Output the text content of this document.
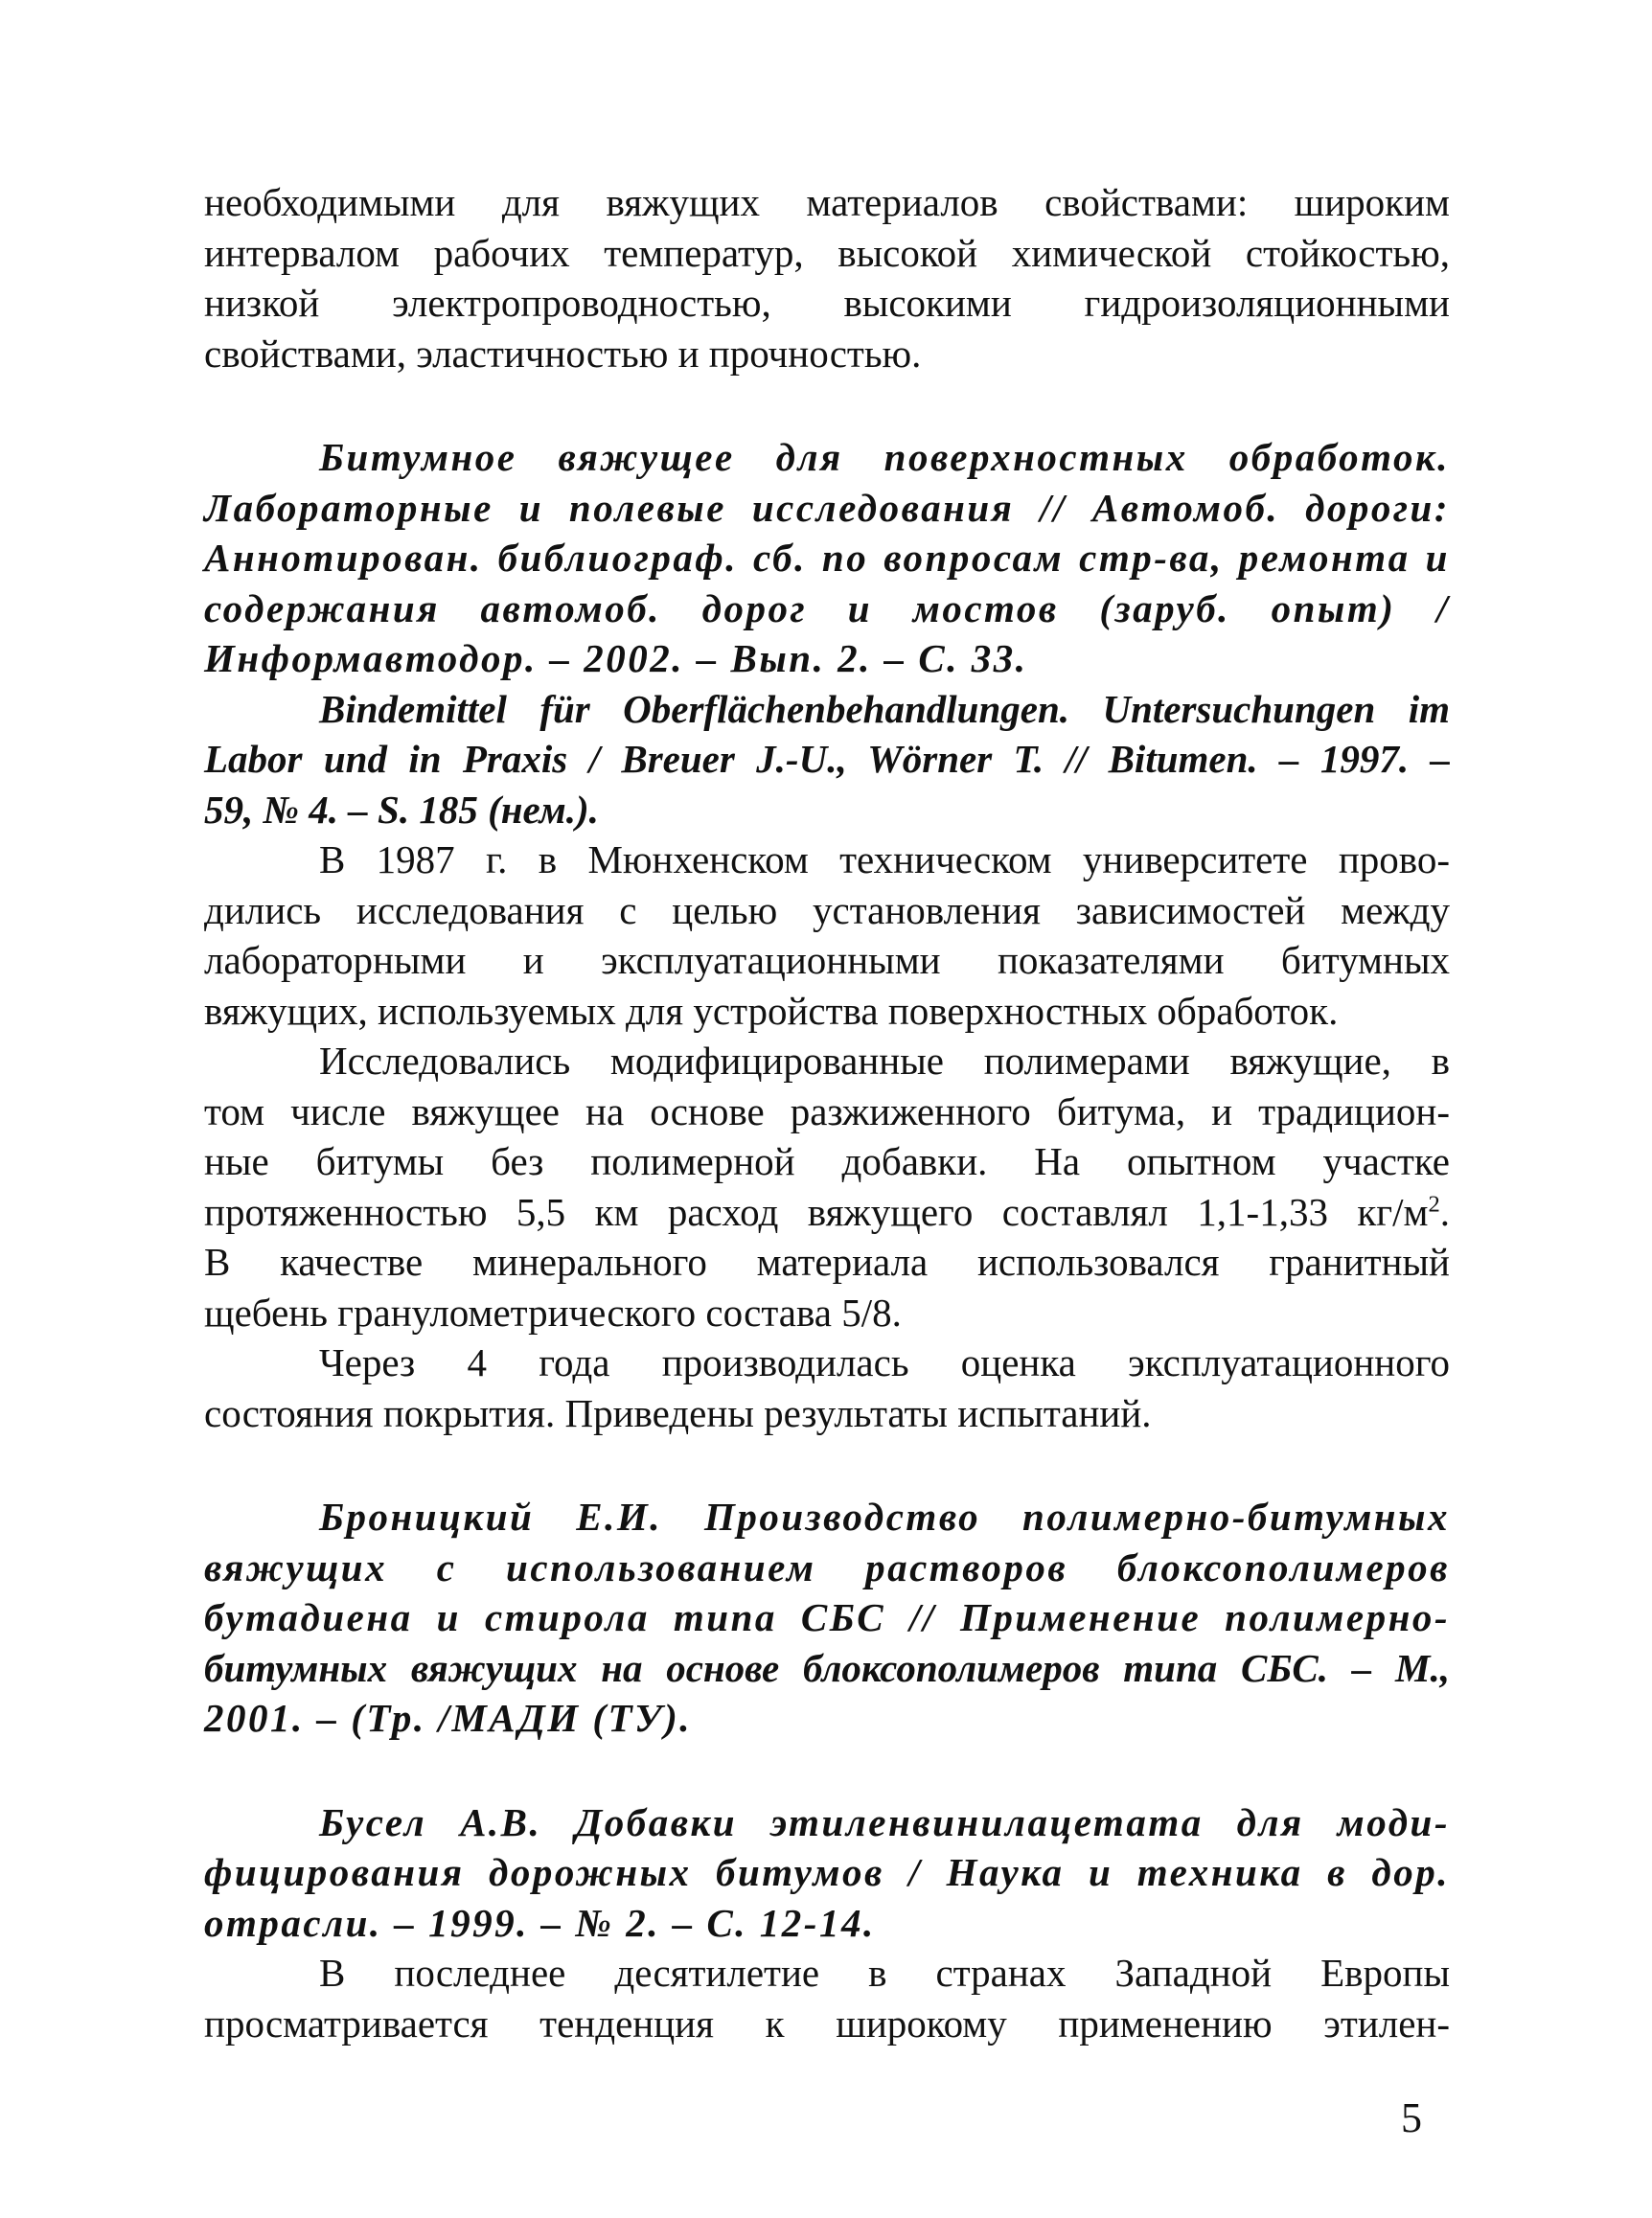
необходимыми для вяжущих материалов свойствами: широким
интервалом рабочих температур, высокой химической стойкостью,
низкой электропроводностью, высокими гидроизоляционными
свойствами, эластичностью и прочностью.

Битумное вяжущее для поверхностных обработок.
Лабораторные и полевые исследования // Автомоб. дороги:
Аннотирован. библиограф. сб. по вопросам стр-ва, ремонта и
содержания автомоб. дорог и мостов (заруб. опыт) /
Информавтодор. – 2002. – Вып. 2. – С. 33.

Bindemittel für Oberflächenbehandlungen. Untersuchungen im
Labor und in Praxis / Breuer J.-U., Wörner T. // Bitumen. – 1997. –
59, № 4. – S. 185 (нем.).

В 1987 г. в Мюнхенском техническом университете прово-
дились исследования с целью установления зависимостей между
лабораторными и эксплуатационными показателями битумных
вяжущих, используемых для устройства поверхностных обработок.

Исследовались модифицированные полимерами вяжущие, в
том числе вяжущее на основе разжиженного битума, и традицион-
ные битумы без полимерной добавки. На опытном участке
протяженностью 5,5 км расход вяжущего составлял 1,1-1,33 $кг/м^2$.
В качестве минерального материала использовался гранитный
щебень гранулометрического состава 5/8.

Через 4 года производилась оценка эксплуатационного
состояния покрытия. Приведены результаты испытаний.

Броницкий Е.И. Производство полимерно-битумных
вяжущих с использованием растворов блоксополимеров
бутадиена и стирола типа СБС // Применение полимерно-
битумных вяжущих на основе блоксополимеров типа СБС. – М.,
2001. – (Тр. /МАДИ (ТУ).

Бусел А.В. Добавки этиленвинилацетата для моди-
фицирования дорожных битумов / Наука и техника в дор.
отрасли. – 1999. – № 2. – С. 12-14.

В последнее десятилетие в странах Западной Европы
просматривается тенденция к широкому применению этилен-

5
